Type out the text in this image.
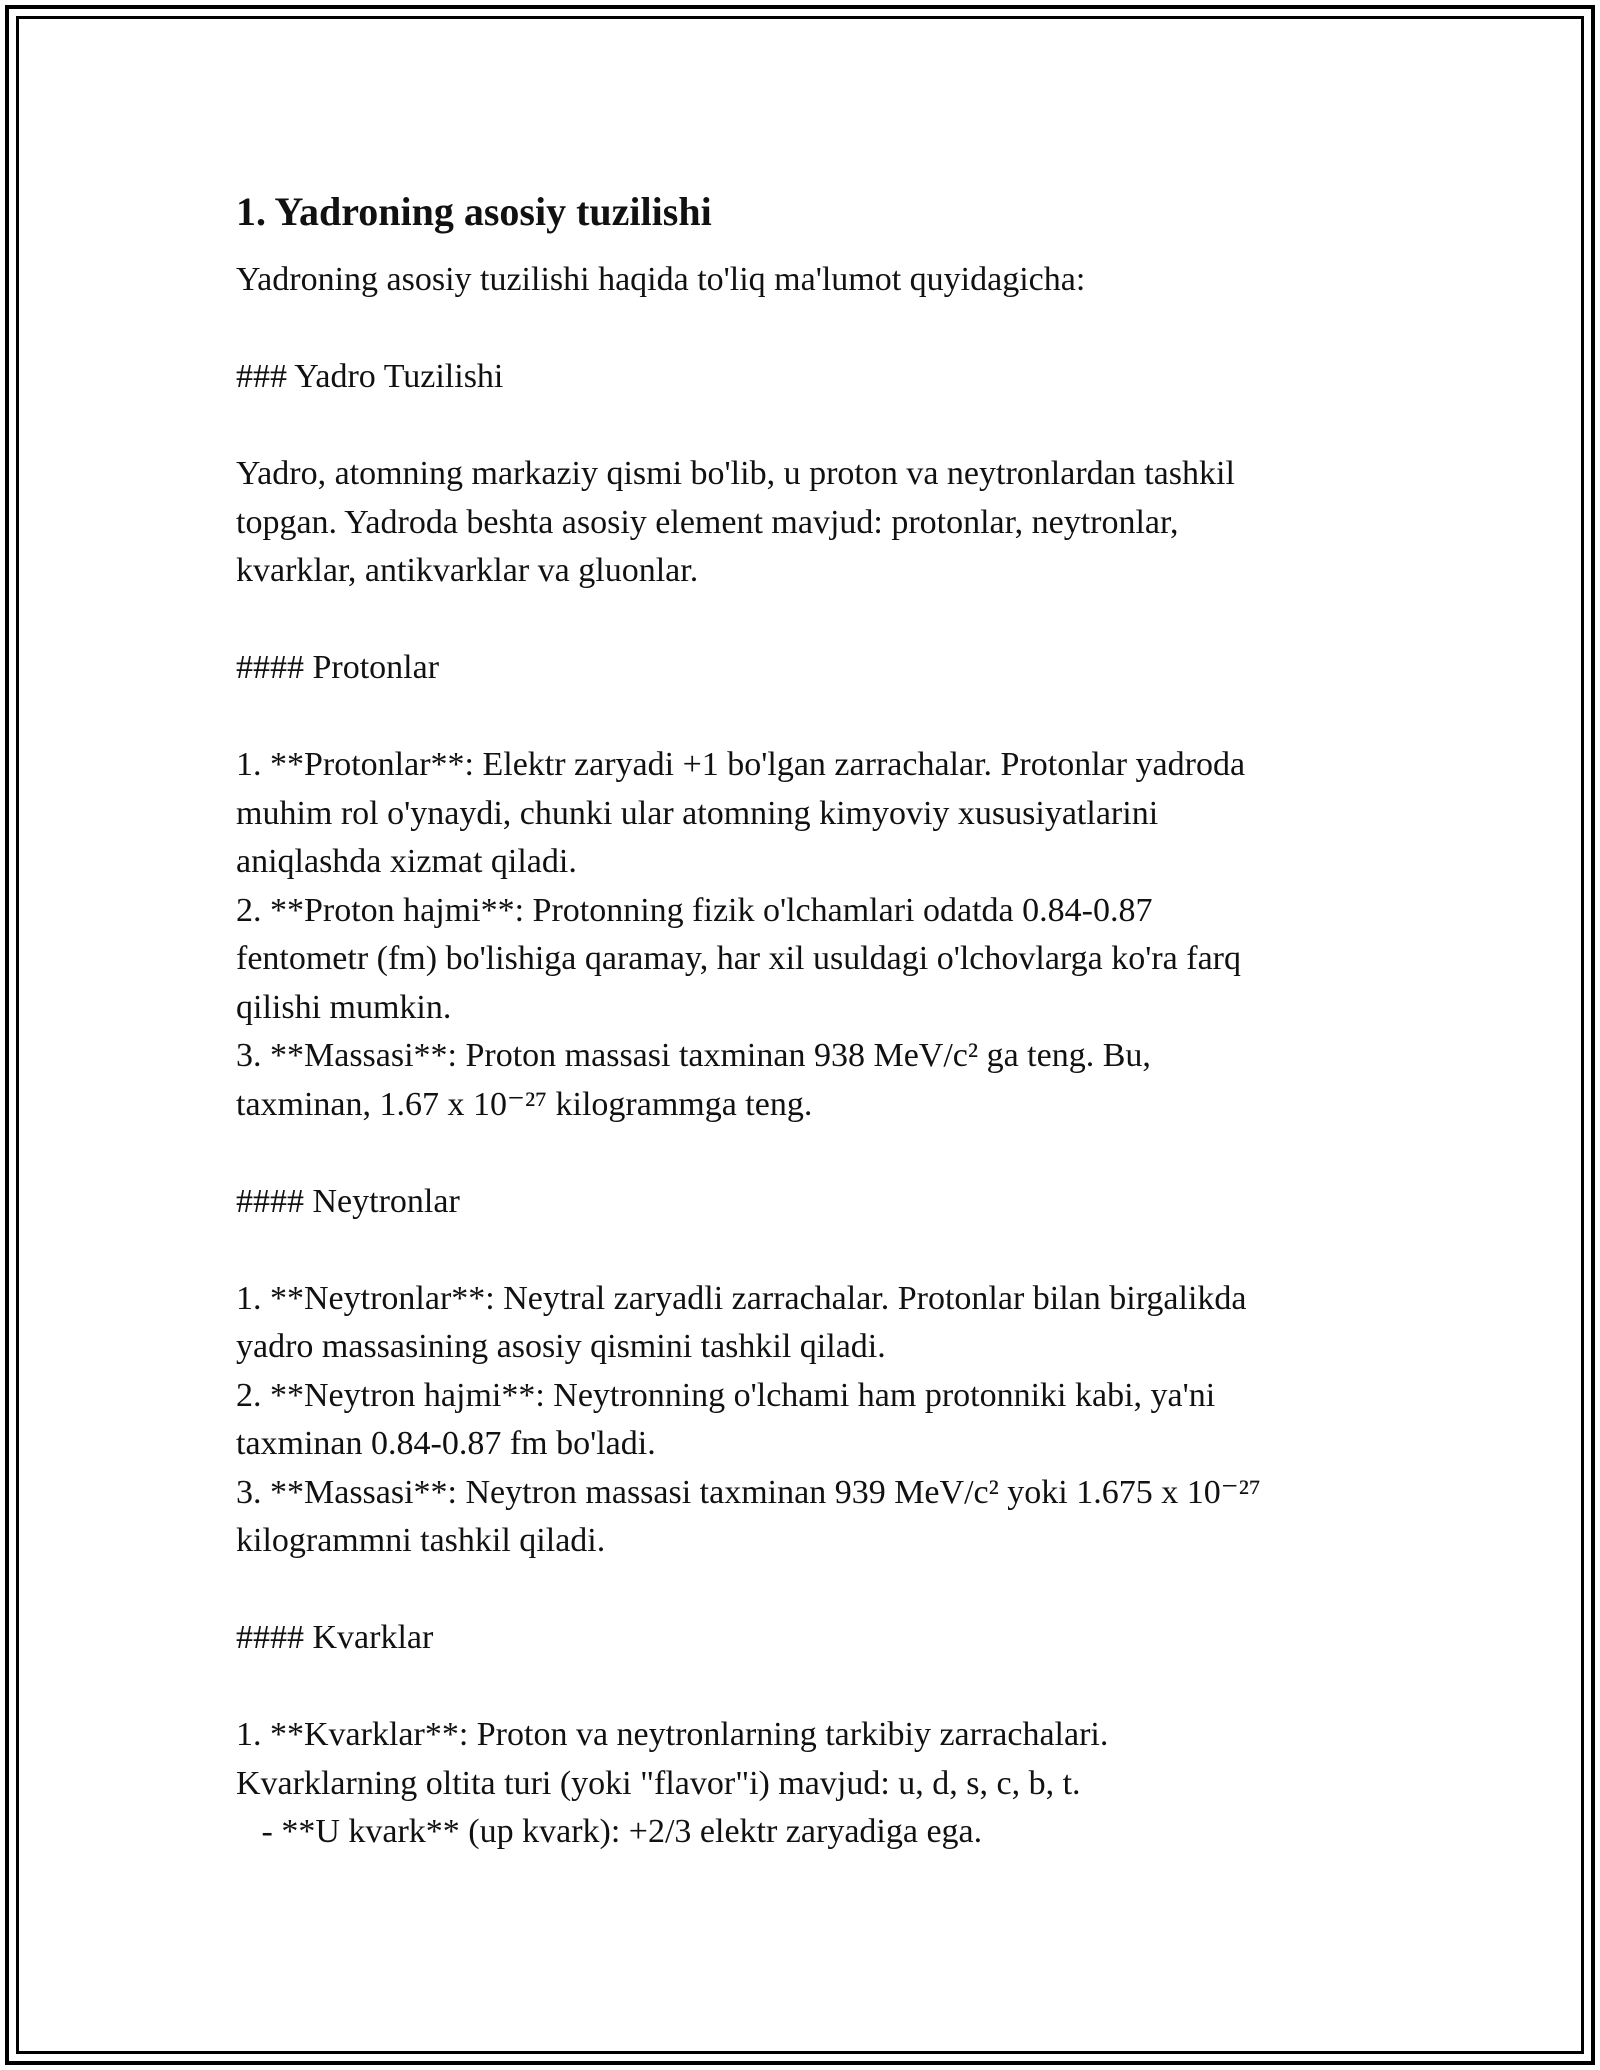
1. Yadroning asosiy tuzilishi

Yadroning asosiy tuzilishi haqida to'liq ma'lumot quyidagicha:

### Yadro Tuzilishi

Yadro, atomning markaziy qismi bo'lib, u proton va neytronlardan tashkil

topgan. Yadroda beshta asosiy element mavjud: protonlar, neytronlar,

kvarklar, antikvarklar va gluonlar.

#### Protonlar

1. **Protonlar**: Elektr zaryadi +1 bo'lgan zarrachalar. Protonlar yadroda

muhim rol o'ynaydi, chunki ular atomning kimyoviy xususiyatlarini

aniqlashda xizmat qiladi.

2. **Proton hajmi**: Protonning fizik o'lchamlari odatda 0.84-0.87

fentometr (fm) bo'lishiga qaramay, har xil usuldagi o'lchovlarga ko'ra farq

qilishi mumkin.

3. **Massasi**: Proton massasi taxminan 938 MeV/c² ga teng. Bu,

taxminan, 1.67 x 10⁻²⁷ kilogrammga teng.

#### Neytronlar

1. **Neytronlar**: Neytral zaryadli zarrachalar. Protonlar bilan birgalikda

yadro massasining asosiy qismini tashkil qiladi.

2. **Neytron hajmi**: Neytronning o'lchami ham protonniki kabi, ya'ni

taxminan 0.84-0.87 fm bo'ladi.

3. **Massasi**: Neytron massasi taxminan 939 MeV/c² yoki 1.675 x 10⁻²⁷

kilogrammni tashkil qiladi.

#### Kvarklar

1. **Kvarklar**: Proton va neytronlarning tarkibiy zarrachalari.

Kvarklarning oltita turi (yoki "flavor"i) mavjud: u, d, s, c, b, t.

- **U kvark** (up kvark): +2/3 elektr zaryadiga ega.
